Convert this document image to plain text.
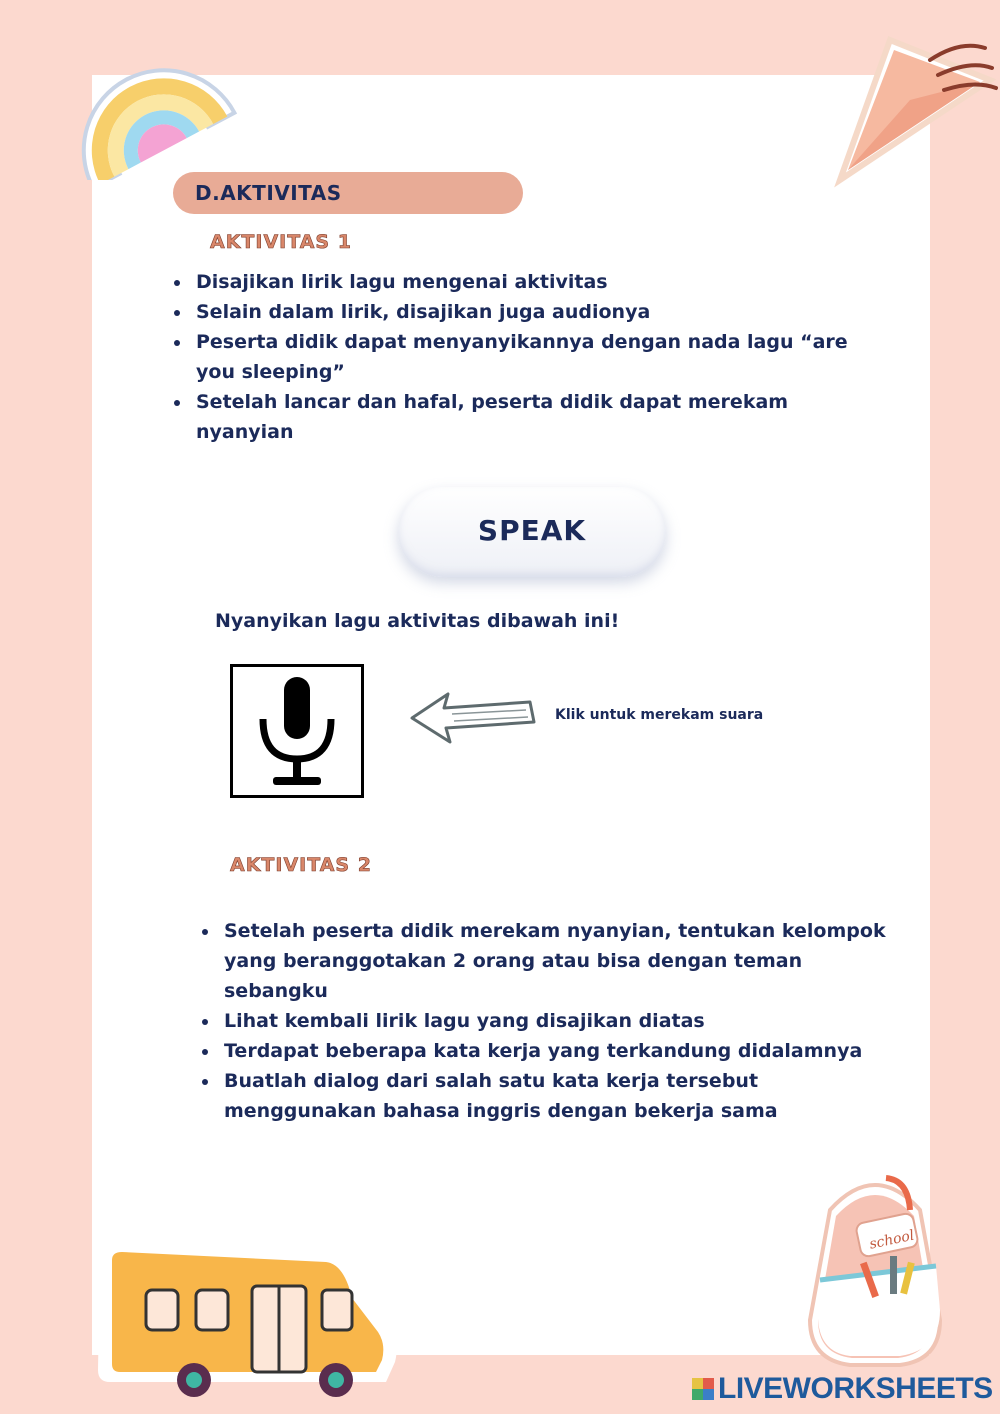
D.AKTIVITAS
AKTIVITAS 1
• Disajikan lirik lagu mengenai aktivitas
• Selain dalam lirik, disajikan juga audionya
• Peserta didik dapat menyanyikannya dengan nada lagu “are you sleeping”
• Setelah lancar dan hafal, peserta didik dapat merekam nyanyian
SPEAK
Nyanyikan lagu aktivitas dibawah ini!
Klik untuk merekam suara
AKTIVITAS 2
• Setelah peserta didik merekam nyanyian, tentukan kelompok yang beranggotakan 2 orang atau bisa dengan teman sebangku
• Lihat kembali lirik lagu yang disajikan diatas
• Terdapat beberapa kata kerja yang terkandung didalamnya
• Buatlah dialog dari salah satu kata kerja tersebut menggunakan bahasa inggris dengan bekerja sama
school
LIVEWORKSHEETS
